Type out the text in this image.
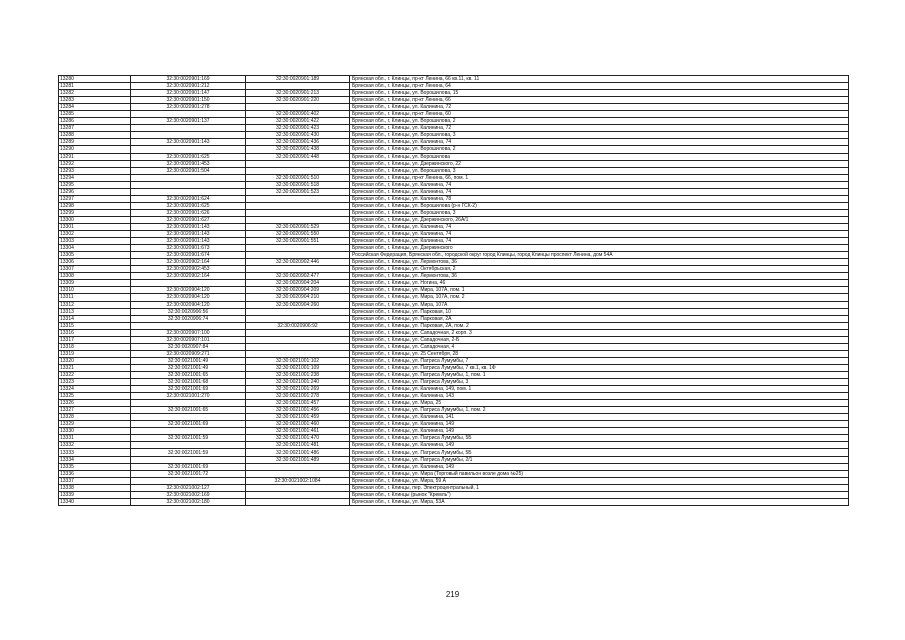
13280	32:30:0020901:169	32:30:0020901:189	Брянская обл., г. Клинцы, пр-кт Ленина, 66 кв.11, кв. 11
13281	32:30:0020901:212		Брянская обл., г. Клинцы, пр-кт Ленина, 64
13282	32:30:0020901:147	32:30:0020901:213	Брянская обл., г. Клинцы, ул. Ворошилова, 15
13283	32:30:0020901:150	32:30:0020901:220	Брянская обл., г. Клинцы, пр-кт Ленина, 66
13284	32:30:0020901:278		Брянская обл., г. Клинцы, ул. Калинина, 72
13285		32:30:0020901:402	Брянская обл., г. Клинцы, пр-кт Ленина, 60
13286	32:30:0020901:137	32:30:0020901:422	Брянская обл., г. Клинцы, ул. Ворошилова, 2
13287		32:30:0020901:423	Брянская обл., г. Клинцы, ул. Калинина, 72
13288		32:30:0020901:430	Брянская обл., г. Клинцы, ул. Ворошилова, 3
13289	32:30:0020901:143	32:30:0020901:436	Брянская обл., г. Клинцы, ул. Калинина, 74
13290		32:30:0020901:438	Брянская обл., г. Клинцы, ул. Ворошилова, 2
13291	32:30:0020901:625	32:30:0020901:448	Брянская обл., г. Клинцы, ул. Ворошилова
13292	32:30:0020901:453		Брянская обл., г. Клинцы, ул. Дзержинского, 22
13293	32:30:0020901:504		Брянская обл., г. Клинцы, ул. Ворошилова, 3
13294		32:30:0020901:510	Брянская обл., г. Клинцы, пр-кт Ленина, 66, пом. 1
13295		32:30:0020901:518	Брянская обл., г. Клинцы, ул. Калинина, 74
13296		32:30:0020901:523	Брянская обл., г. Клинцы, ул. Калинина, 74
13297	32:30:0020901:624		Брянская обл., г. Клинцы, ул. Калинина, 78
13298	32:30:0020901:625		Брянская обл., г. Клинцы, ул. Ворошилова (р-н ГСК-2)
13299	32:30:0020901:626		Брянская обл., г. Клинцы, ул. Ворошилова, 3
13300	32:30:0020901:627		Брянская обл., г. Клинцы, ул. Дзержинского, 26А/1
13301	32:30:0020901:143	32:30:0020901:529	Брянская обл., г. Клинцы, ул. Калинина, 74
13302	32:30:0020901:143	32:30:0020901:550	Брянская обл., г. Клинцы, ул. Калинина, 74
13303	32:30:0020901:143	32:30:0020901:551	Брянская обл., г. Клинцы, ул. Калинина, 74
13304	32:30:0020901:673		Брянская обл., г. Клинцы, ул. Дзержинского
13305	32:30:0020901:674		Российская Федерация, Брянская обл., городской округ город Клинцы, город Клинцы проспект Ленина, дом 54А
13306	32:30:0020902:164	32:30:0020902:446	Брянская обл., г. Клинцы, ул. Лермонтова, 36
13307	32:30:0020902:453		Брянская обл., г. Клинцы, ул. Октябрьская, 2
13308	32:30:0020902:164	32:30:0020902:477	Брянская обл., г. Клинцы, ул. Лермонтова, 36
13309		32:30:0020904:204	Брянская обл., г. Клинцы, ул. Ногина, 46
13310	32:30:0020904:120	32:30:0020904:209	Брянская обл., г. Клинцы, ул. Мира, 107А, пом. 1
13311	32:30:0020904:120	32:30:0020904:210	Брянская обл., г. Клинцы, ул. Мира, 107А, пом. 2
13312	32:30:0020904:120	32:30:0020904:260	Брянская обл., г. Клинцы, ул. Мира, 107А
13313	32:30:0020906:56		Брянская обл., г. Клинцы, ул. Парковая, 10
13314	32:30:0020906:74		Брянская обл., г. Клинцы, ул. Парковая, 2А
13315		32:30:0020906:92	Брянская обл., г. Клинцы, ул. Парковая, 2А, пом. 2
13316	32:30:0020907:100		Брянская обл., г. Клинцы, ул. Сападочная, 2 корп. 3
13317	32:30:0020907:101		Брянская обл., г. Клинцы, ул. Сападочная, 2-Б
13318	32:30:0020907:84		Брянская обл., г. Клинцы, ул. Сападочная, 4
13319	32:30:0020909:271		Брянская обл., г. Клинцы, ул. 25 Сентября, 28
13320	32:30:0021001:49	32:30:0021001:102	Брянская обл., г. Клинцы, ул. Патриса Лумумбы, 7
13321	32:30:0021001:49	32:30:0021001:109	Брянская обл., г. Клинцы, ул. Патриса Лумумбы, 7 кв.1, кв. 1Ф
13322	32:30:0021001:65	32:30:0021001:238	Брянская обл., г. Клинцы, ул. Патриса Лумумбы, 1, пом. 1
13323	32:30:0021001:68	32:30:0021001:240	Брянская обл., г. Клинцы, ул. Патриса Лумумбы, 3
13324	32:30:0021001:69	32:30:0021001:269	Брянская обл., г. Клинцы, ул. Калинина, 149, пом. 1
13325	32:30:0021001:270	32:30:0021001:278	Брянская обл., г. Клинцы, ул. Калинина, 143
13326		32:30:0021001:457	Брянская обл., г. Клинцы, ул. Мира, 25
13327	32:30:0021001:65	32:30:0021001:456	Брянская обл., г. Клинцы, ул. Патриса Лумумбы, 1, пом. 2
13328		32:30:0021001:459	Брянская обл., г. Клинцы, ул. Калинина, 141
13329	32:30:0021001:69	32:30:0021001:460	Брянская обл., г. Клинцы, ул. Калинина, 149
13330		32:30:0021001:461	Брянская обл., г. Клинцы, ул. Калинина, 149
13331	32:30:0021001:59	32:30:0021001:470	Брянская обл., г. Клинцы, ул. Патриса Лумумбы, 5Б
13332		32:30:0021001:481	Брянская обл., г. Клинцы, ул. Калинина, 149
13333	32:30:0021001:59	32:30:0021001:486	Брянская обл., г. Клинцы, ул. Патриса Лумумбы, 5Б
13334		32:30:0021001:489	Брянская обл., г. Клинцы, ул. Патриса Лумумбы, 2/1
13335	32:30:0021001:69		Брянская обл., г. Клинцы, ул. Калинина, 149
13336	32:30:0021001:72		Брянская обл., г. Клинцы, ул. Мира (Торговый павильон возле дома №25)
13337		32:30:0021002:1084	Брянская обл., г. Клинцы, ул. Мира, 59 А
13338	32:30:0021002:127		Брянская обл., г. Клинцы, пер. Электроцентральный, 1
13339	32:30:0021002:169		Брянская обл., г. Клинцы (рынок "Кремль")
13340	32:30:0021002:180		Брянская обл., г. Клинцы, ул. Мира, 53А
219
